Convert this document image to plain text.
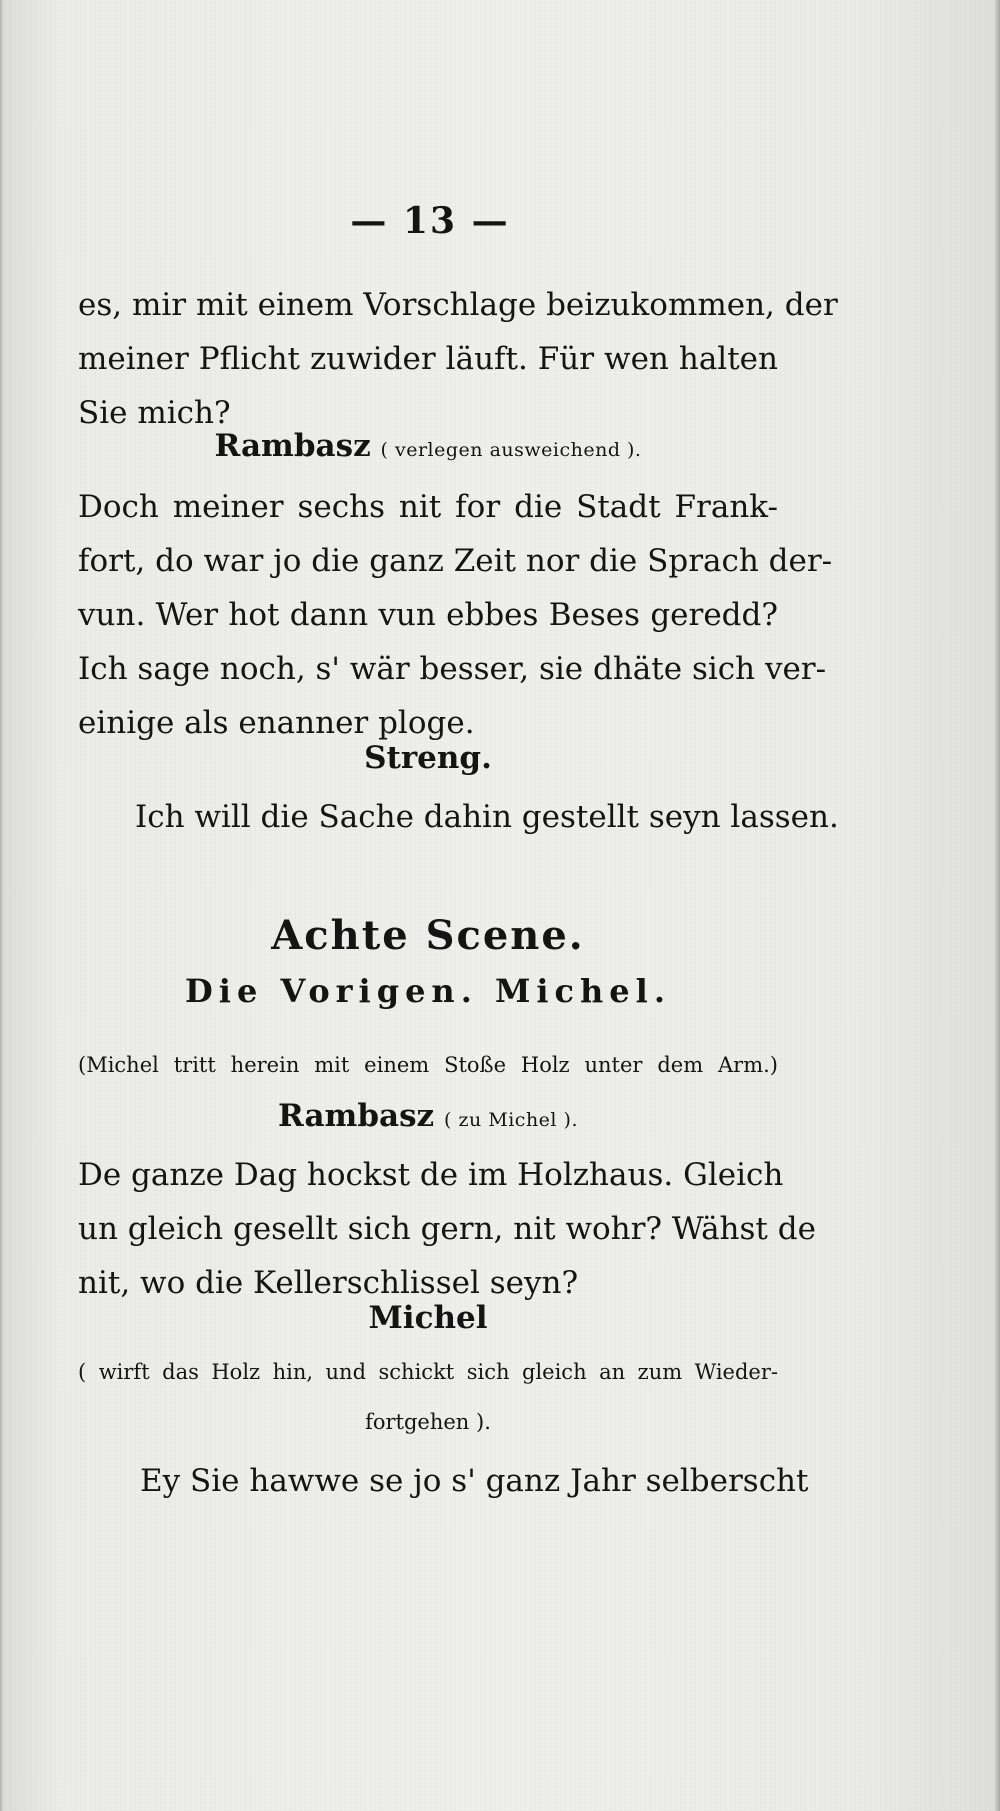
— 13 —
es, mir mit einem Vorschlage beizukommen, der
meiner Pflicht zuwider läuft. Für wen halten
Sie mich?
Rambasz ( verlegen ausweichend ).
Doch meiner sechs nit for die Stadt Frank-
fort, do war jo die ganz Zeit nor die Sprach der-
vun. Wer hot dann vun ebbes Beses geredd?
Ich sage noch, s' wär besser, sie dhäte sich ver-
einige als enanner ploge.
Streng.
Ich will die Sache dahin gestellt seyn lassen.
Achte Scene.
Die Vorigen. Michel.
(Michel tritt herein mit einem Stoße Holz unter dem Arm.)
Rambasz ( zu Michel ).
De ganze Dag hockst de im Holzhaus. Gleich
un gleich gesellt sich gern, nit wohr? Wähst de
nit, wo die Kellerschlissel seyn?
Michel
( wirft das Holz hin, und schickt sich gleich an zum Wieder-
fortgehen ).
Ey Sie hawwe se jo s' ganz Jahr selberscht
